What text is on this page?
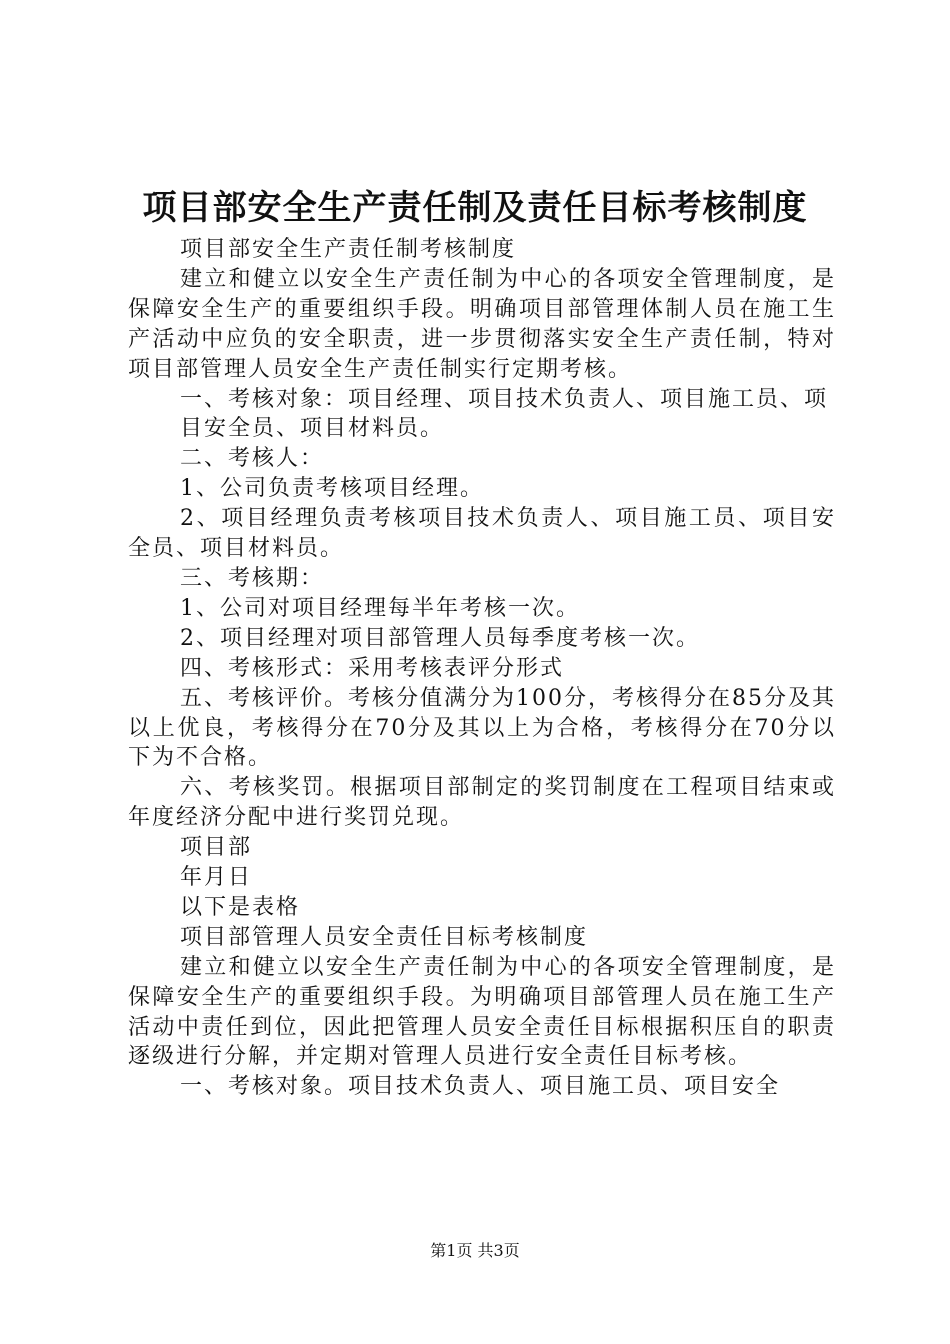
项目部安全生产责任制及责任目标考核制度

项目部安全生产责任制考核制度

建立和健立以安全生产责任制为中心的各项安全管理制度，是保障安全生产的重要组织手段。明确项目部管理体制人员在施工生产活动中应负的安全职责，进一步贯彻落实安全生产责任制，特对项目部管理人员安全生产责任制实行定期考核。

一、考核对象：项目经理、项目技术负责人、项目施工员、项

目安全员、项目材料员。

二、考核人：

1、公司负责考核项目经理。

2、项目经理负责考核项目技术负责人、项目施工员、项目安全员、项目材料员。

三、考核期：

1、公司对项目经理每半年考核一次。

2、项目经理对项目部管理人员每季度考核一次。

四、考核形式：采用考核表评分形式

五、考核评价。考核分值满分为100分，考核得分在85分及其以上优良，考核得分在70分及其以上为合格，考核得分在70分以下为不合格。

六、考核奖罚。根据项目部制定的奖罚制度在工程项目结束或年度经济分配中进行奖罚兑现。

项目部

年月日

以下是表格

项目部管理人员安全责任目标考核制度

建立和健立以安全生产责任制为中心的各项安全管理制度，是保障安全生产的重要组织手段。为明确项目部管理人员在施工生产活动中责任到位，因此把管理人员安全责任目标根据积压自的职责逐级进行分解，并定期对管理人员进行安全责任目标考核。

一、考核对象。项目技术负责人、项目施工员、项目安全

第1页 共3页
